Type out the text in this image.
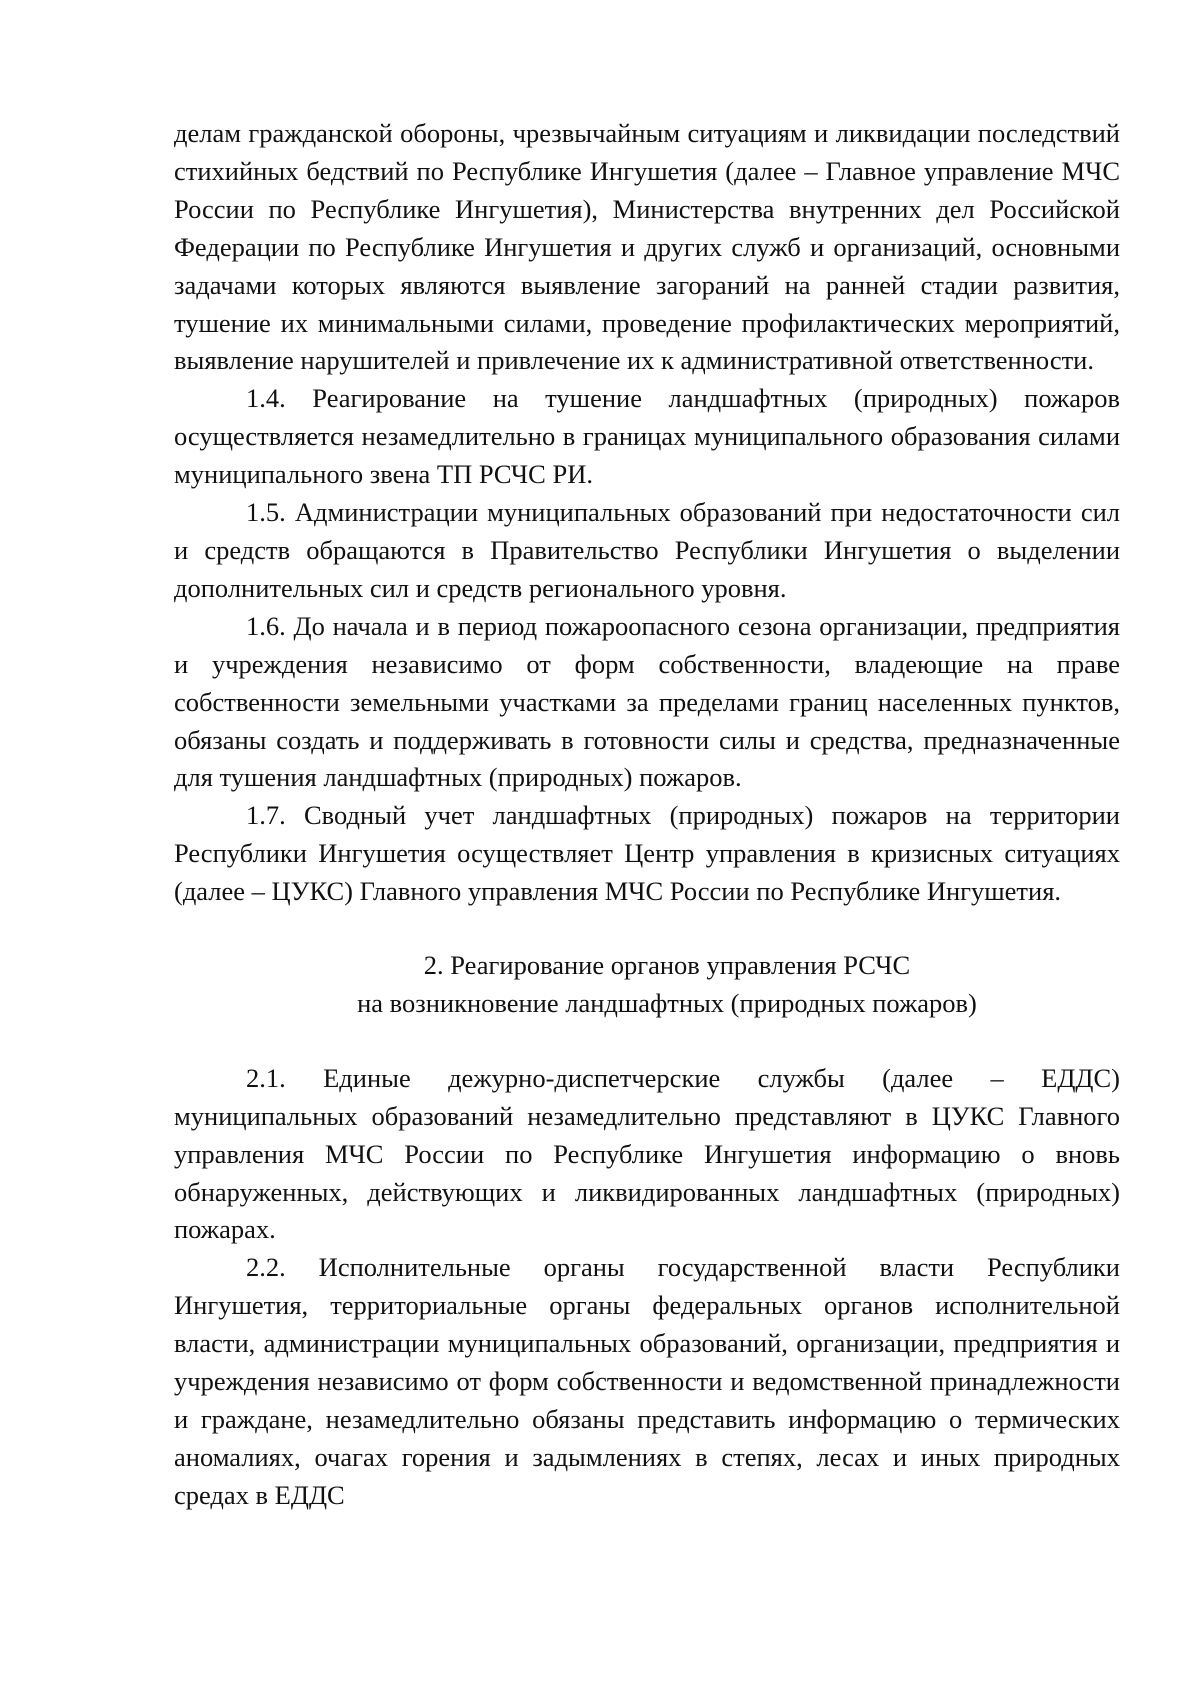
делам гражданской обороны, чрезвычайным ситуациям и ликвидации последствий стихийных бедствий по Республике Ингушетия (далее – Главное управление МЧС России по Республике Ингушетия), Министерства внутренних дел Российской Федерации по Республике Ингушетия и других служб и организаций, основными задачами которых являются выявление загораний на ранней стадии развития, тушение их минимальными силами, проведение профилактических мероприятий, выявление нарушителей и привлечение их к административной ответственности.

1.4. Реагирование на тушение ландшафтных (природных) пожаров осуществляется незамедлительно в границах муниципального образования силами муниципального звена ТП РСЧС РИ.

1.5. Администрации муниципальных образований при недостаточности сил и средств обращаются в Правительство Республики Ингушетия о выделении дополнительных сил и средств регионального уровня.

1.6. До начала и в период пожароопасного сезона организации, предприятия и учреждения независимо от форм собственности, владеющие на праве собственности земельными участками за пределами границ населенных пунктов, обязаны создать и поддерживать в готовности силы и средства, предназначенные для тушения ландшафтных (природных) пожаров.

1.7. Сводный учет ландшафтных (природных) пожаров на территории Республики Ингушетия осуществляет Центр управления в кризисных ситуациях (далее – ЦУКС) Главного управления МЧС России по Республике Ингушетия.

2. Реагирование органов управления РСЧС

на возникновение ландшафтных (природных пожаров)

2.1. Единые дежурно-диспетчерские службы (далее – ЕДДС) муниципальных образований незамедлительно представляют в ЦУКС Главного управления МЧС России по Республике Ингушетия информацию о вновь обнаруженных, действующих и ликвидированных ландшафтных (природных) пожарах.

2.2. Исполнительные органы государственной власти Республики Ингушетия, территориальные органы федеральных органов исполнительной власти, администрации муниципальных образований, организации, предприятия и учреждения независимо от форм собственности и ведомственной принадлежности и граждане, незамедлительно обязаны представить информацию о термических аномалиях, очагах горения и задымлениях в степях, лесах и иных природных средах в ЕДДС
